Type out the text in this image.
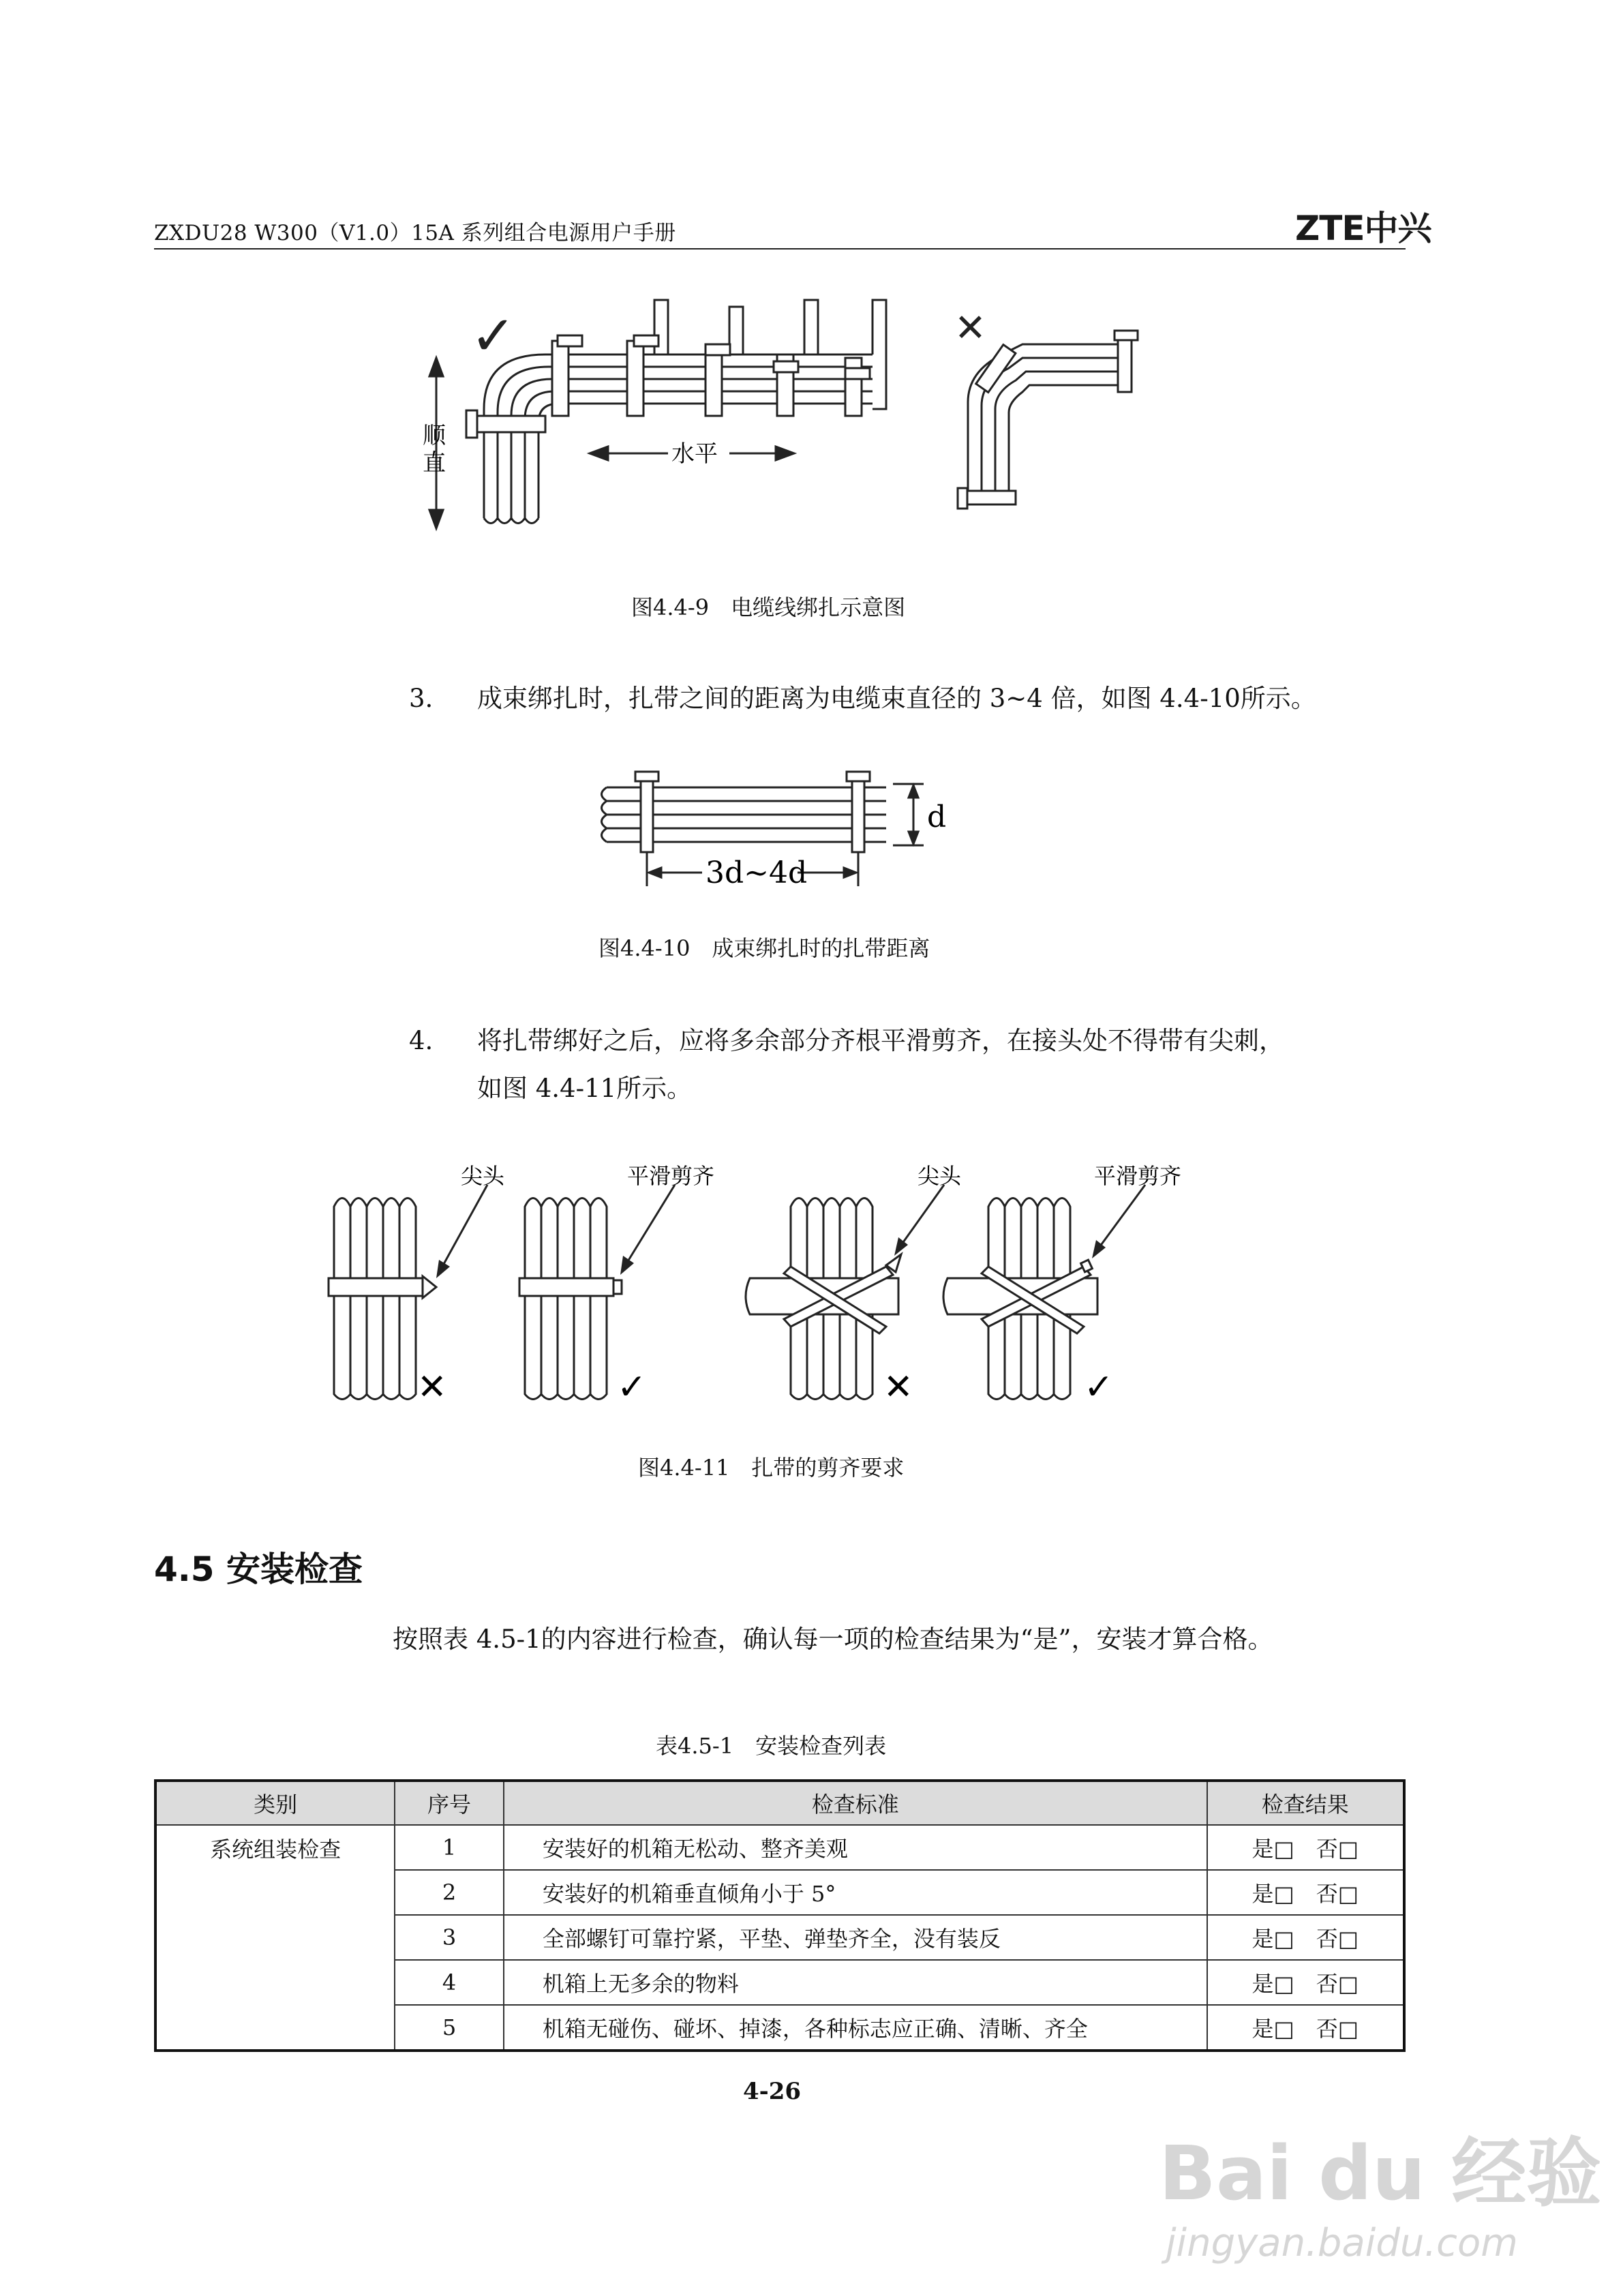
ZXDU28 W300（V1.0）15A 系列组合电源用户手册	ZTE中兴
✓
顺
直	水平
✕
图4.4-9　电缆线绑扎示意图
3. 成束绑扎时，扎带之间的距离为电缆束直径的 3~4 倍，如图 4.4-10所示。
d
3d~4d
图4.4-10　成束绑扎时的扎带距离
4. 将扎带绑好之后，应将多余部分齐根平滑剪齐，在接头处不得带有尖刺，
如图 4.4-11所示。
尖头
✕
平滑剪齐
✓
尖头
✕
平滑剪齐
✓
图4.4-11　扎带的剪齐要求
4.5 安装检查
按照表 4.5-1的内容进行检查，确认每一项的检查结果为“是”，安装才算合格。
表4.5-1　安装检查列表
类别	序号	检查标准	检查结果
系统组装检查	1	安装好的机箱无松动、整齐美观	是□　否□
	2	安装好的机箱垂直倾角小于 5°	是□　否□
	3	全部螺钉可靠拧紧，平垫、弹垫齐全，没有装反	是□　否□
	4	机箱上无多余的物料	是□　否□
	5	机箱无碰伤、碰坏、掉漆，各种标志应正确、清晰、齐全	是□　否□
4-26
Bai du 经验
jingyan.baidu.com
